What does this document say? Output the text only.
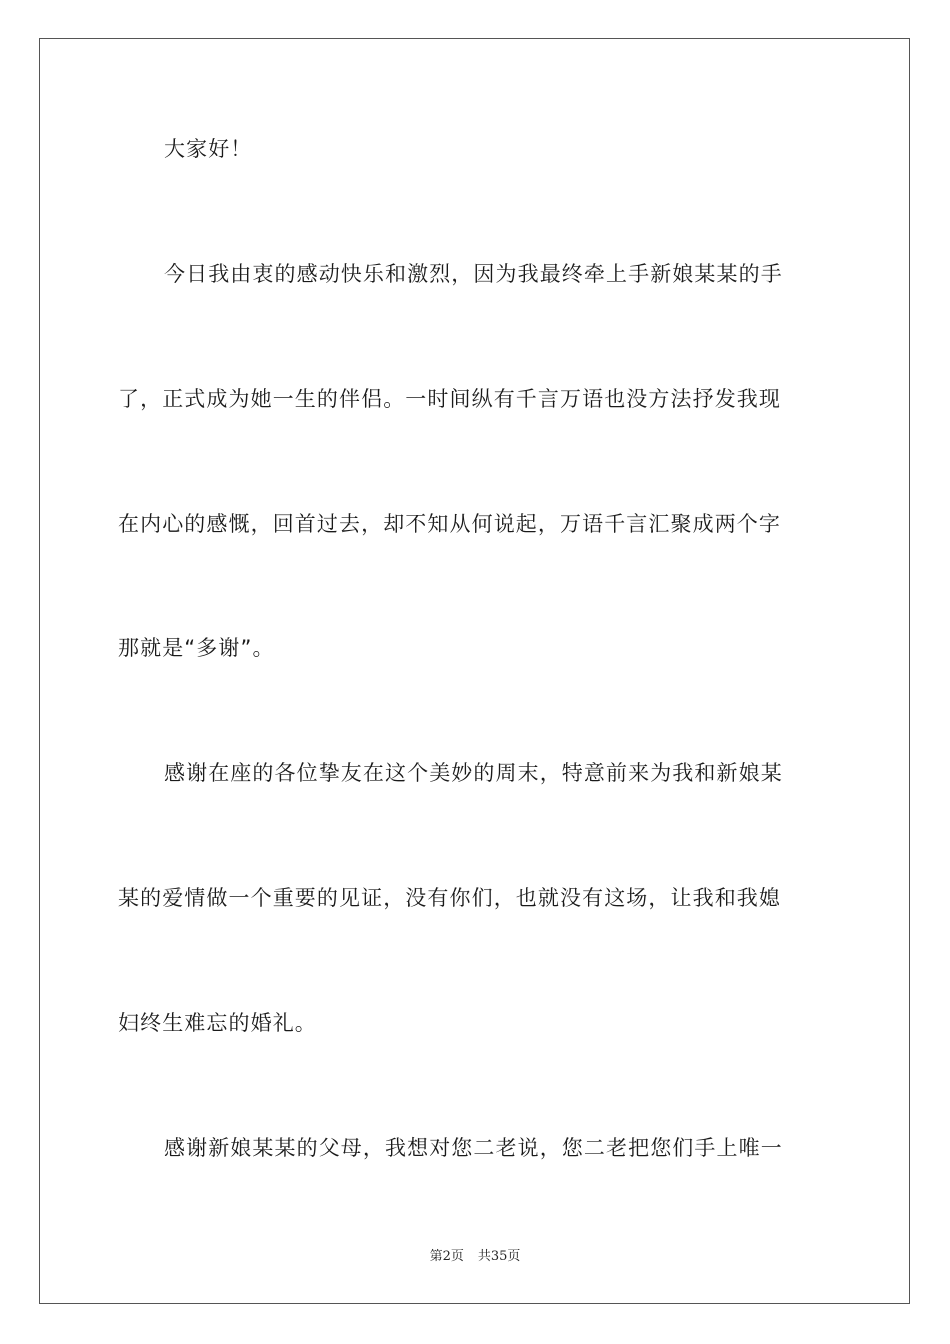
大家好！
今日我由衷的感动快乐和激烈，因为我最终牵上手新娘某某的手
了，正式成为她一生的伴侣。一时间纵有千言万语也没方法抒发我现
在内心的感慨，回首过去，却不知从何说起，万语千言汇聚成两个字
那就是“多谢”。
感谢在座的各位挚友在这个美妙的周末，特意前来为我和新娘某
某的爱情做一个重要的见证，没有你们，也就没有这场，让我和我媳
妇终生难忘的婚礼。
感谢新娘某某的父母，我想对您二老说，您二老把您们手上唯一
第2页 共35页
